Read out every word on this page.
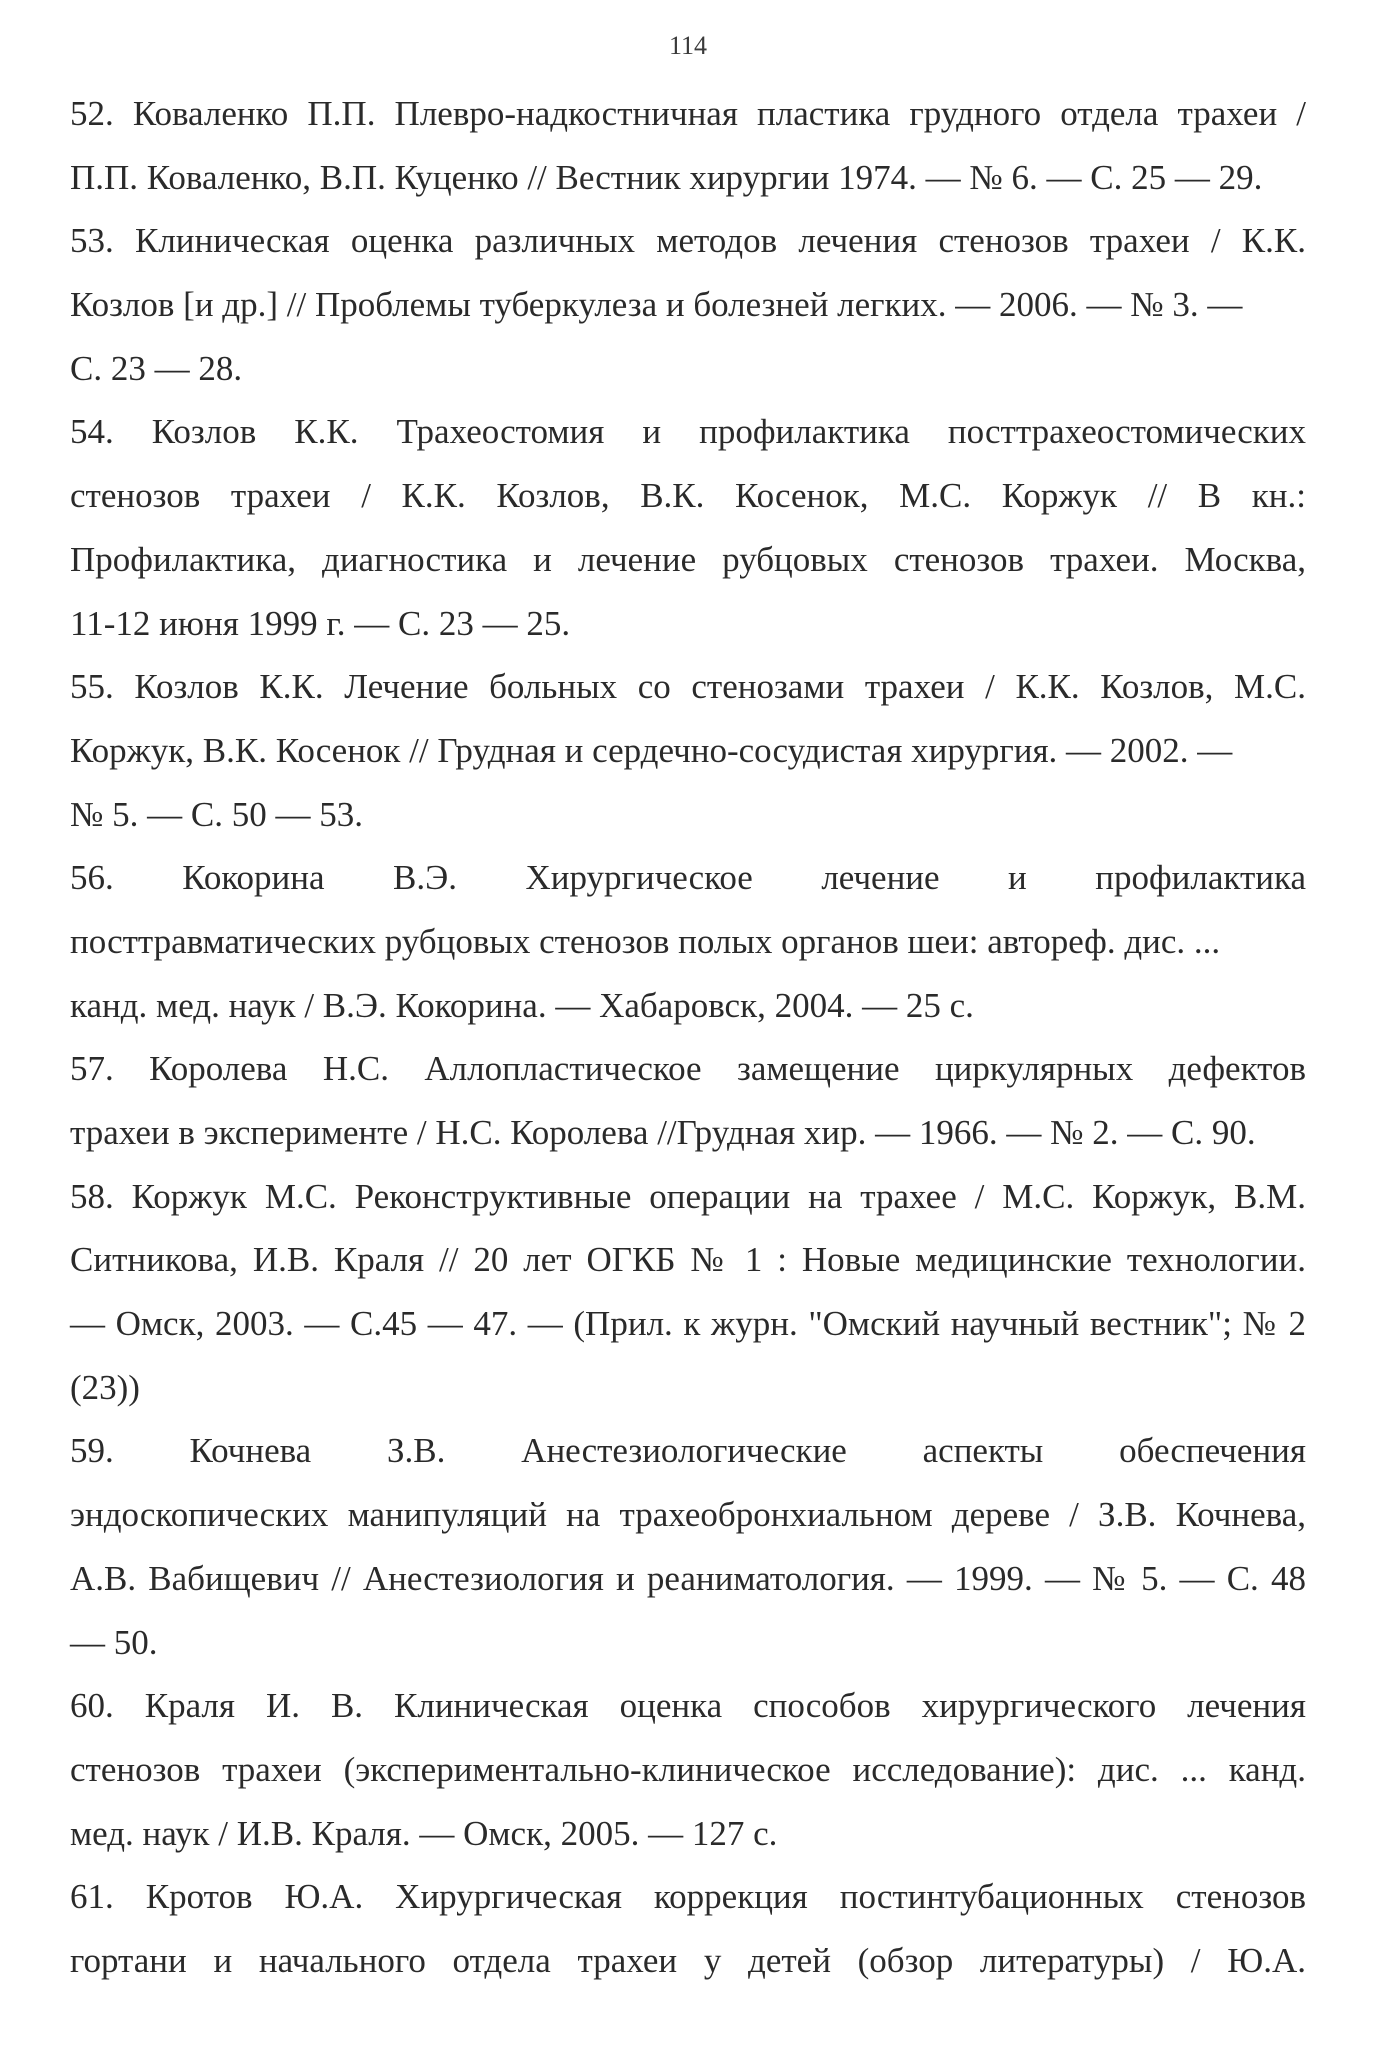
114
52. Коваленко П.П. Плевро-надкостничная пластика грудного отдела трахеи /
П.П. Коваленко, В.П. Куценко // Вестник хирургии 1974. — № 6. — С. 25 — 29.
53. Клиническая оценка различных методов лечения стенозов трахеи / К.К.
Козлов [и др.] // Проблемы туберкулеза и болезней легких. — 2006. — № 3. —
С. 23 — 28.
54. Козлов К.К. Трахеостомия и профилактика посттрахеостомических
стенозов трахеи / К.К. Козлов, В.К. Косенок, М.С. Коржук // В кн.:
Профилактика, диагностика и лечение рубцовых стенозов трахеи. Москва,
11-12 июня 1999 г. — С. 23 — 25.
55. Козлов К.К. Лечение больных со стенозами трахеи / К.К. Козлов, М.С.
Коржук, В.К. Косенок // Грудная и сердечно-сосудистая хирургия. — 2002. —
№ 5. — С. 50 — 53.
56. Кокорина В.Э. Хирургическое лечение и профилактика
посттравматических рубцовых стенозов полых органов шеи: автореф. дис. ...
канд. мед. наук / В.Э. Кокорина. — Хабаровск, 2004. — 25 с.
57. Королева Н.С. Аллопластическое замещение циркулярных дефектов
трахеи в эксперименте / Н.С. Королева //Грудная хир. — 1966. — № 2. — С. 90.
58. Коржук М.С. Реконструктивные операции на трахее / М.С. Коржук, В.М.
Ситникова, И.В. Краля // 20 лет ОГКБ № 1 : Новые медицинские технологии.
— Омск, 2003. — С.45 — 47. — (Прил. к журн. "Омский научный вестник"; № 2
(23))
59. Кочнева З.В. Анестезиологические аспекты обеспечения
эндоскопических манипуляций на трахеобронхиальном дереве / З.В. Кочнева,
А.В. Вабищевич // Анестезиология и реаниматология. — 1999. — № 5. — С. 48
— 50.
60. Краля И. В. Клиническая оценка способов хирургического лечения
стенозов трахеи (экспериментально-клиническое исследование): дис. ... канд.
мед. наук / И.В. Краля. — Омск, 2005. — 127 с.
61. Кротов Ю.А. Хирургическая коррекция постинтубационных стенозов
гортани и начального отдела трахеи у детей (обзор литературы) / Ю.А.
